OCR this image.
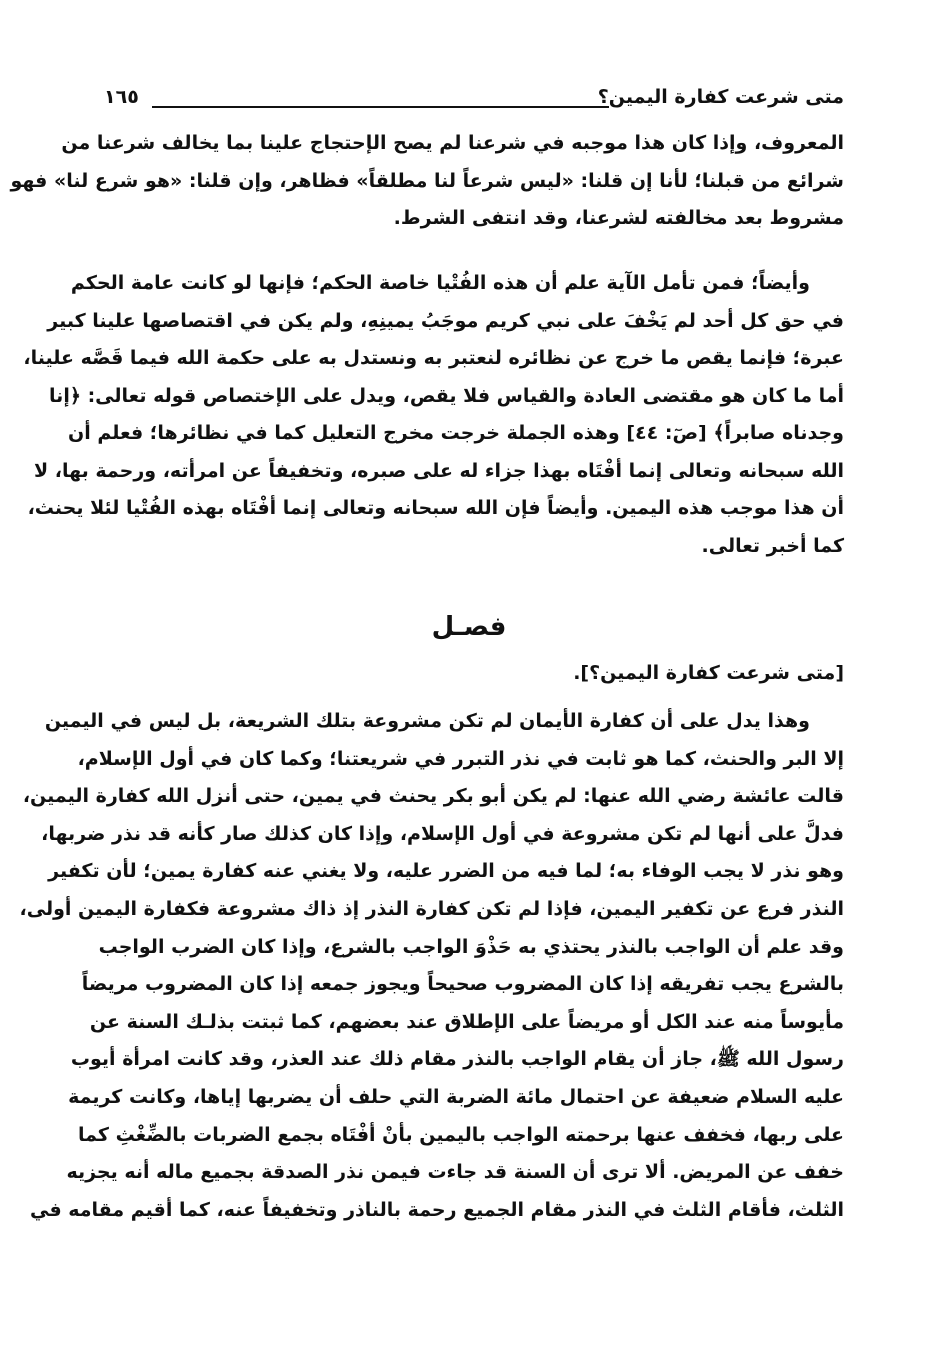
متى شرعت كفارة اليمين؟
١٦٥
المعروف، وإذا كان هذا موجبه في شرعنا لم يصح الإحتجاج علينا بما يخالف شرعنا من
شرائع من قبلنا؛ لأنا إن قلنا: «ليس شرعاً لنا مطلقاً» فظاهر، وإن قلنا: «هو شرع لنا» فهو
مشروط بعد مخالفته لشرعنا، وقد انتفى الشرط.
وأيضاً؛ فمن تأمل الآية علم أن هذه الفُتْيا خاصة الحكم؛ فإنها لو كانت عامة الحكم
في حق كل أحد لم يَخْفَ على نبي كريم موجَبُ يمينِهِ، ولم يكن في اقتصاصها علينا كبير
عبرة؛ فإنما يقص ما خرج عن نظائره لنعتبر به ونستدل به على حكمة الله فيما قَصَّه علينا،
أما ما كان هو مقتضى العادة والقياس فلا يقص، ويدل على الإختصاص قوله تعالى: ﴿إنا
وجدناه صابراً﴾ [صٓ: ٤٤] وهذه الجملة خرجت مخرج التعليل كما في نظائرها؛ فعلم أن
الله سبحانه وتعالى إنما أفْتَاه بهذا جزاء له على صبره، وتخفيفاً عن امرأته، ورحمة بها، لا
أن هذا موجب هذه اليمين. وأيضاً فإن الله سبحانه وتعالى إنما أفْتَاه بهذه الفُتْيا لئلا يحنث،
كما أخبر تعالى.
وهذا يدل على أن كفارة الأيمان لم تكن مشروعة بتلك الشريعة، بل ليس في اليمين
إلا البر والحنث، كما هو ثابت في نذر التبرر في شريعتنا؛ وكما كان في أول الإسلام،
قالت عائشة رضي الله عنها: لم يكن أبو بكر يحنث في يمين، حتى أنزل الله كفارة اليمين،
فدلَّ على أنها لم تكن مشروعة في أول الإسلام، وإذا كان كذلك صار كأنه قد نذر ضربها،
وهو نذر لا يجب الوفاء به؛ لما فيه من الضرر عليه، ولا يغني عنه كفارة يمين؛ لأن تكفير
النذر فرع عن تكفير اليمين، فإذا لم تكن كفارة النذر إذ ذاك مشروعة فكفارة اليمين أولى،
وقد علم أن الواجب بالنذر يحتذي به حَذْوَ الواجب بالشرع، وإذا كان الضرب الواجب
بالشرع يجب تفريقه إذا كان المضروب صحيحاً ويجوز جمعه إذا كان المضروب مريضاً
مأيوساً منه عند الكل أو مريضاً على الإطلاق عند بعضهم، كما ثبتت بذلـك السنة عن
رسول الله ﷺ، جاز أن يقام الواجب بالنذر مقام ذلك عند العذر، وقد كانت امرأة أيوب
عليه السلام ضعيفة عن احتمال مائة الضربة التي حلف أن يضربها إياها، وكانت كريمة
على ربها، فخفف عنها برحمته الواجب باليمين بأنْ أفْتَاه بجمع الضربات بالضِّغْثِ كما
خفف عن المريض. ألا ترى أن السنة قد جاءت فيمن نذر الصدقة بجميع ماله أنه يجزيه
الثلث، فأقام الثلث في النذر مقام الجميع رحمة بالناذر وتخفيفاً عنه، كما أقيم مقامه في
فصـل
[متى شرعت كفارة اليمين؟].
